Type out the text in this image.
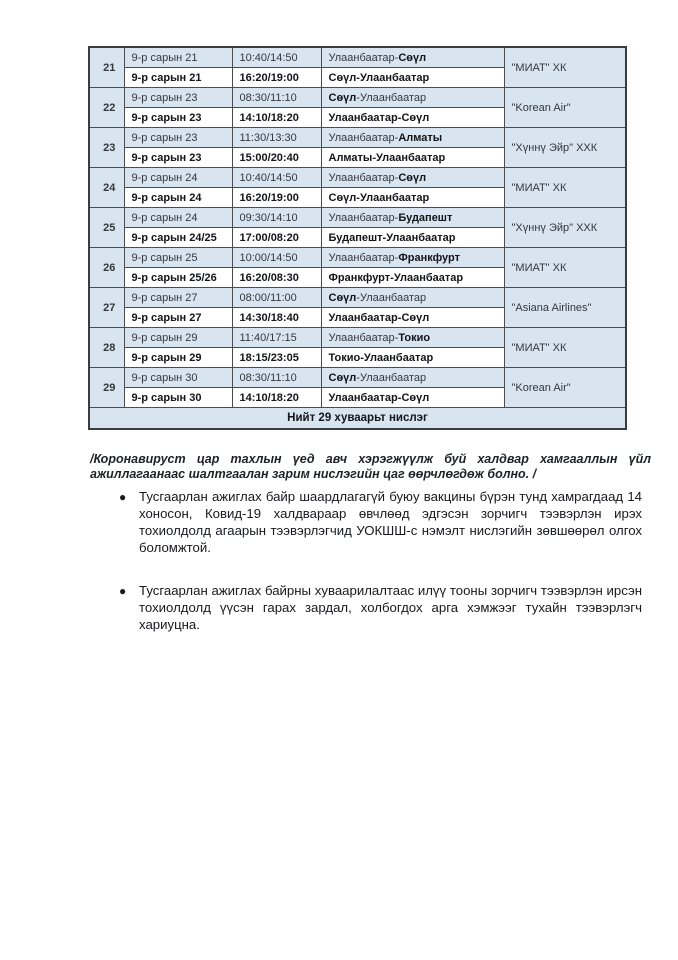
21	9-р сарын 21	10:40/14:50	Улаанбаатар-Сөүл	"МИАТ" ХК
	9-р сарын 21	16:20/19:00	Сөүл-Улаанбаатар	
22	9-р сарын 23	08:30/11:10	Сөүл-Улаанбаатар	"Korean Air"
	9-р сарын 23	14:10/18:20	Улаанбаатар-Сөүл	
23	9-р сарын 23	11:30/13:30	Улаанбаатар-Алматы	"Хүннү Эйр" ХХК
	9-р сарын 23	15:00/20:40	Алматы-Улаанбаатар	
24	9-р сарын 24	10:40/14:50	Улаанбаатар-Сөүл	"МИАТ" ХК
	9-р сарын 24	16:20/19:00	Сөүл-Улаанбаатар	
25	9-р сарын 24	09:30/14:10	Улаанбаатар-Будапешт	"Хүннү Эйр" ХХК
	9-р сарын 24/25	17:00/08:20	Будапешт-Улаанбаатар	
26	9-р сарын 25	10:00/14:50	Улаанбаатар-Франкфурт	"МИАТ" ХК
	9-р сарын 25/26	16:20/08:30	Франкфурт-Улаанбаатар	
27	9-р сарын 27	08:00/11:00	Сөүл-Улаанбаатар	"Asiana Airlines"
	9-р сарын 27	14:30/18:40	Улаанбаатар-Сөүл	
28	9-р сарын 29	11:40/17:15	Улаанбаатар-Токио	"МИАТ" ХК
	9-р сарын 29	18:15/23:05	Токио-Улаанбаатар	
29	9-р сарын 30	08:30/11:10	Сөүл-Улаанбаатар	"Korean Air"
	9-р сарын 30	14:10/18:20	Улаанбаатар-Сөүл	
Нийт 29 хуваарьт нислэг				

/Коронавируст цар тахлын үед авч хэрэгжүүлж буй халдвар хамгааллын үйл ажиллагаанаас шалтгаалан зарим нислэгийн цаг өөрчлөгдөж болно. /

● Тусгаарлан ажиглах байр шаардлагагүй буюу вакцины бүрэн тунд хамрагдаад 14 хоносон, Ковид-19 халдвараар өвчлөөд эдгэсэн зорчигч тээвэрлэн ирэх тохиолдолд агаарын тээвэрлэгчид УОКШШ-с нэмэлт нислэгийн зөвшөөрөл олгох боломжтой.
● Тусгаарлан ажиглах байрны хуваарилалтаас илүү тооны зорчигч тээвэрлэн ирсэн тохиолдолд үүсэн гарах зардал, холбогдох арга хэмжээг тухайн тээвэрлэгч хариуцна.
